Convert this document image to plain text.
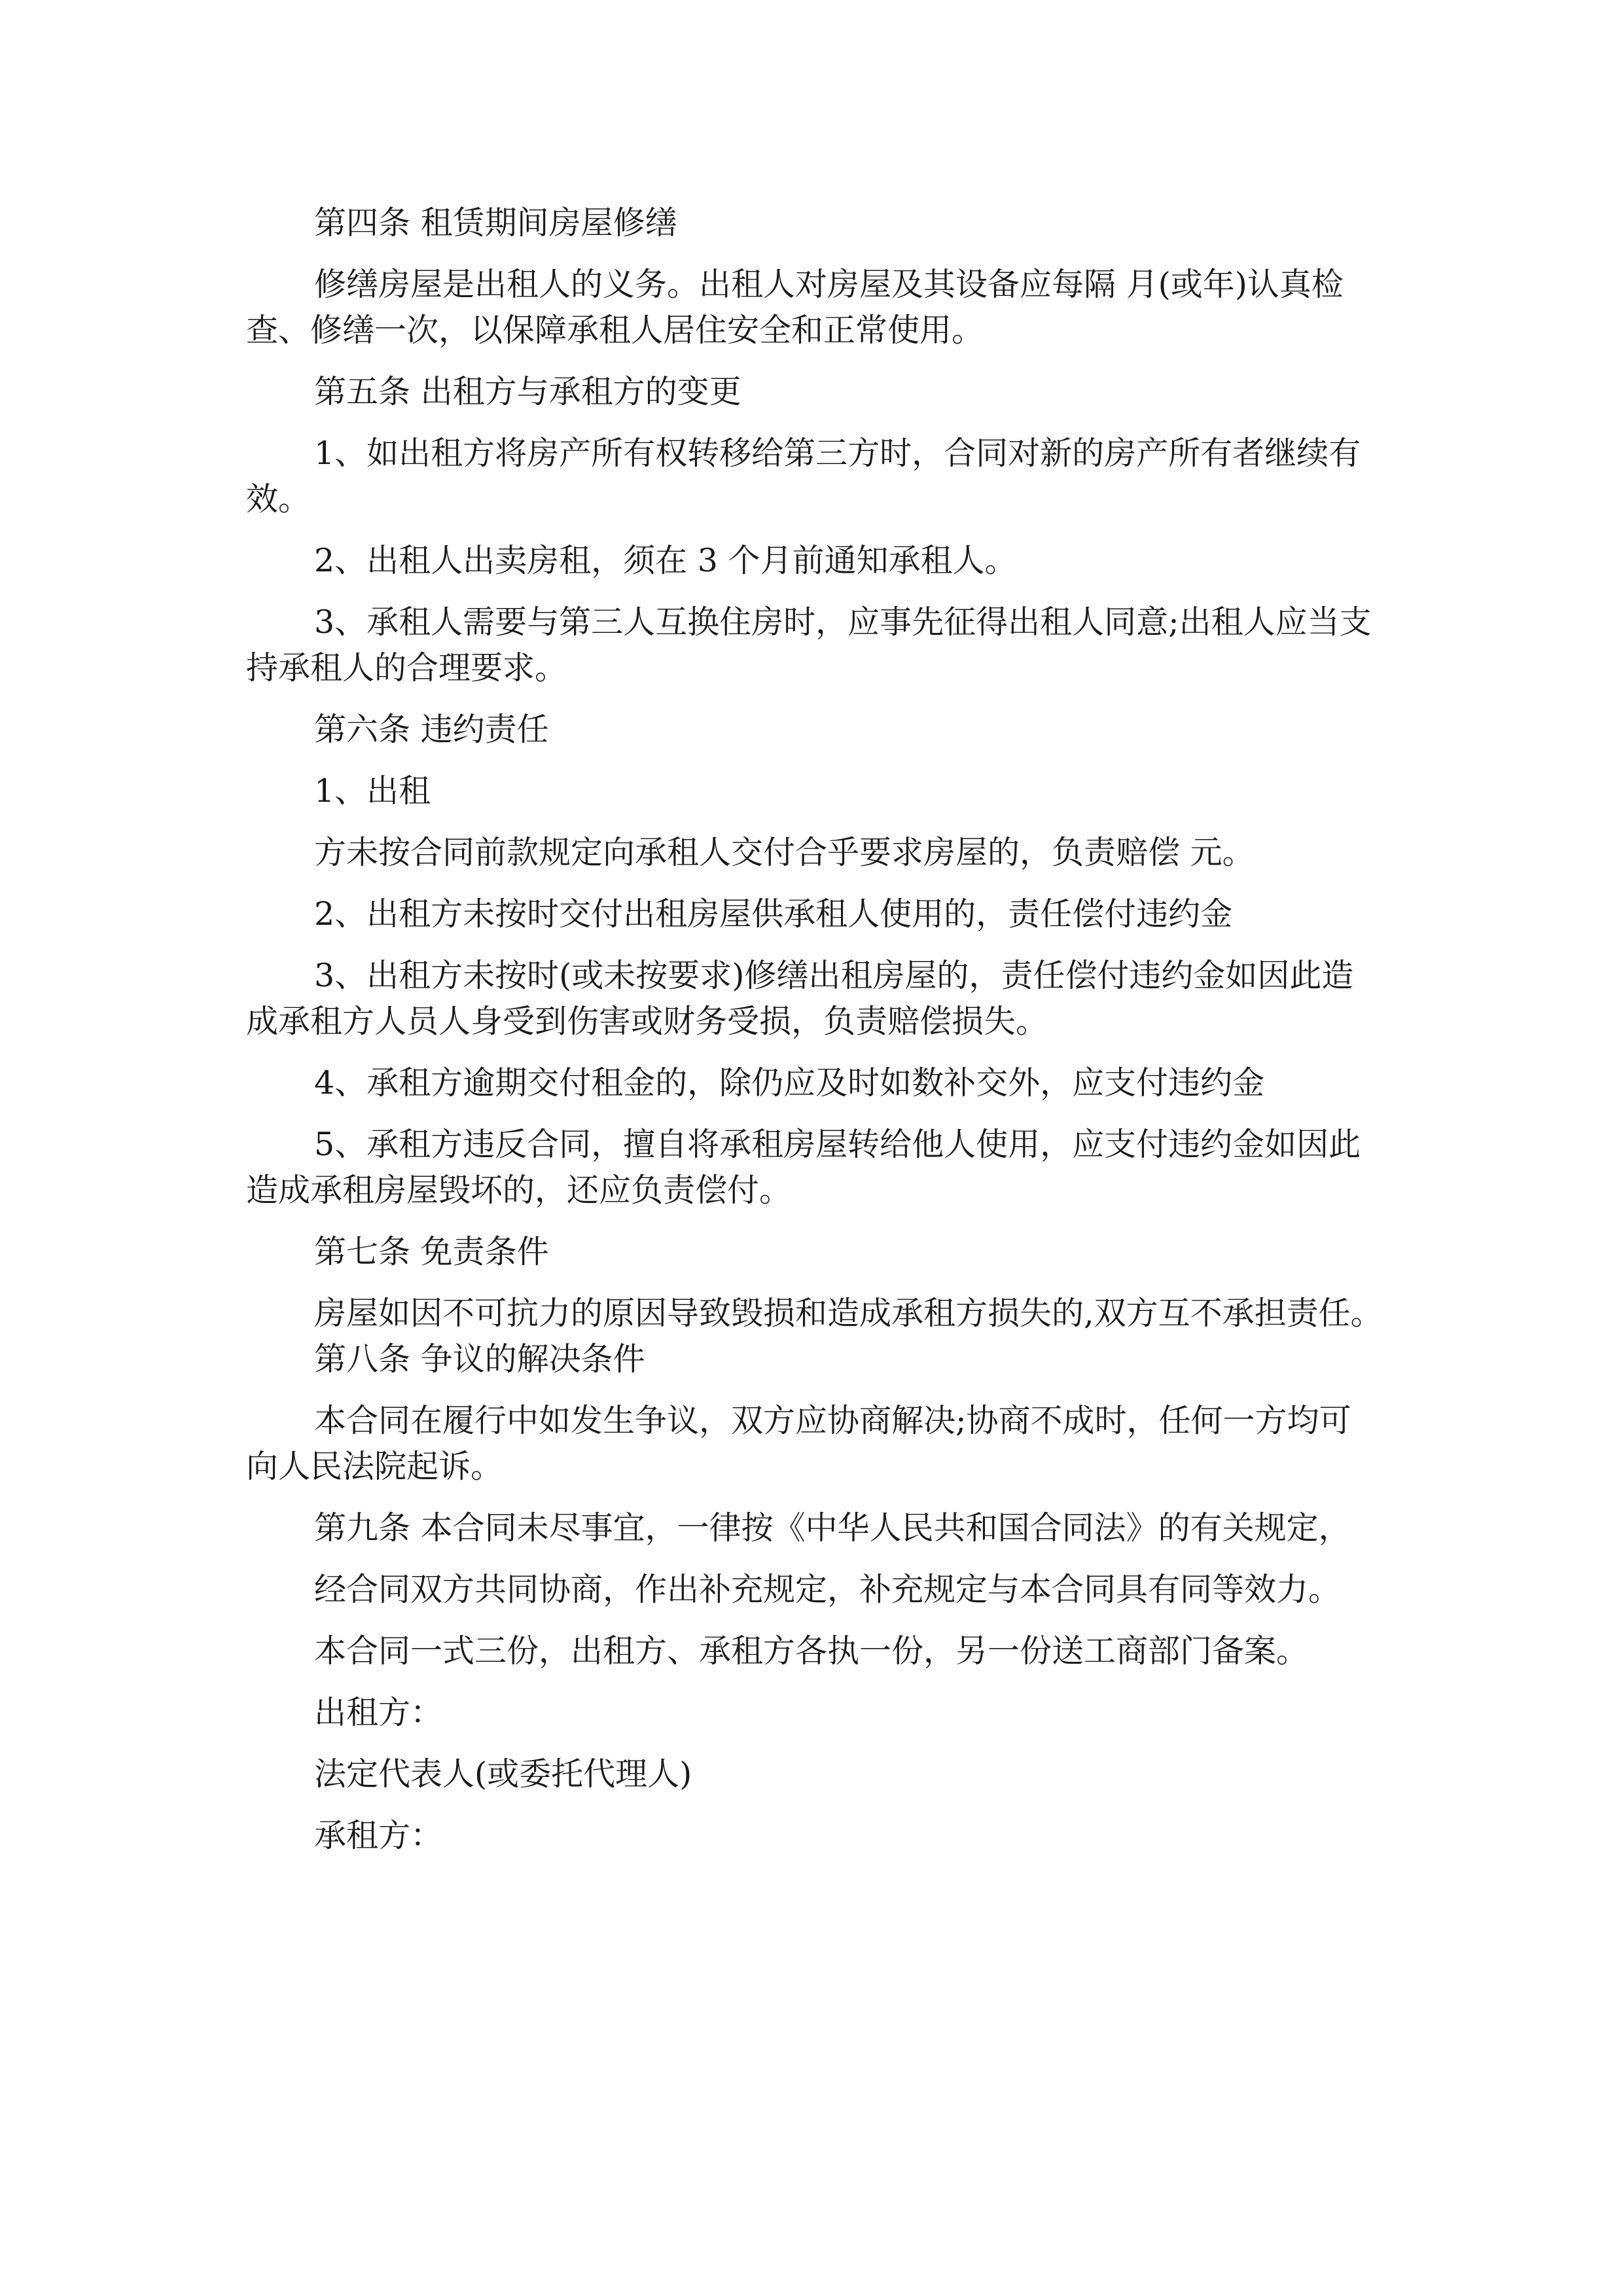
第四条 租赁期间房屋修缮
修缮房屋是出租人的义务。出租人对房屋及其设备应每隔 月(或年)认真检
查、修缮一次，以保障承租人居住安全和正常使用。
第五条 出租方与承租方的变更
1、如出租方将房产所有权转移给第三方时，合同对新的房产所有者继续有
效。
2、出租人出卖房租，须在 3 个月前通知承租人。
3、承租人需要与第三人互换住房时，应事先征得出租人同意;出租人应当支
持承租人的合理要求。
第六条 违约责任
1、出租
方未按合同前款规定向承租人交付合乎要求房屋的，负责赔偿 元。
2、出租方未按时交付出租房屋供承租人使用的，责任偿付违约金
3、出租方未按时(或未按要求)修缮出租房屋的，责任偿付违约金如因此造
成承租方人员人身受到伤害或财务受损，负责赔偿损失。
4、承租方逾期交付租金的，除仍应及时如数补交外，应支付违约金
5、承租方违反合同，擅自将承租房屋转给他人使用，应支付违约金如因此
造成承租房屋毁坏的，还应负责偿付。
第七条 免责条件
房屋如因不可抗力的原因导致毁损和造成承租方损失的,双方互不承担责任。
第八条 争议的解决条件
本合同在履行中如发生争议，双方应协商解决;协商不成时，任何一方均可
向人民法院起诉。
第九条 本合同未尽事宜，一律按《中华人民共和国合同法》的有关规定，
经合同双方共同协商，作出补充规定，补充规定与本合同具有同等效力。
本合同一式三份，出租方、承租方各执一份，另一份送工商部门备案。
出租方：
法定代表人(或委托代理人)
承租方：
